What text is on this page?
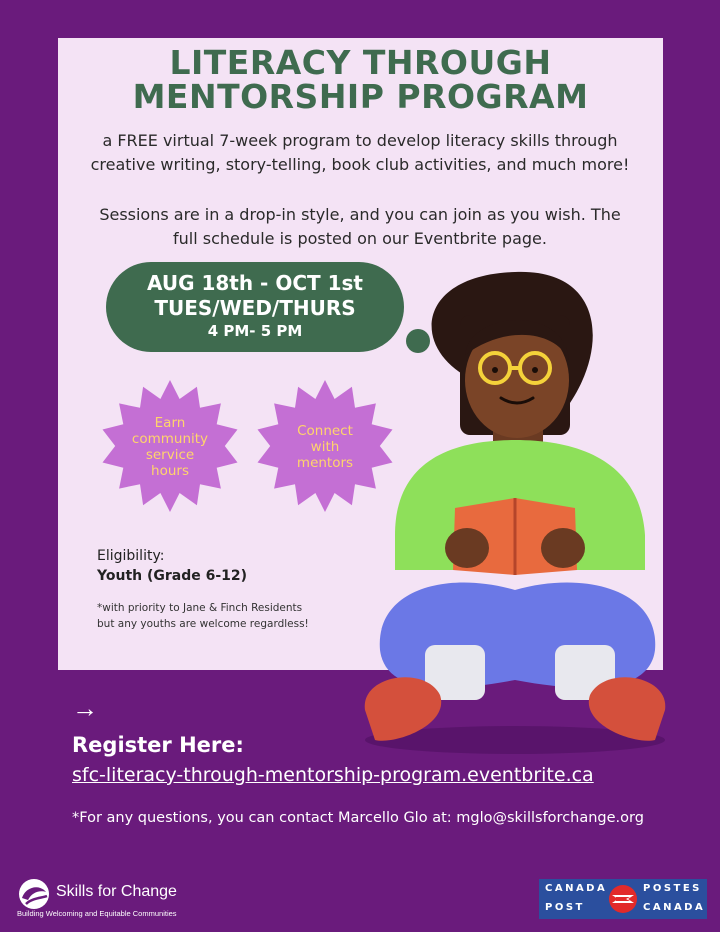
LITERACY THROUGH
MENTORSHIP PROGRAM
a FREE virtual 7-week program to develop literacy skills through
creative writing, story-telling, book club activities, and much more!
Sessions are in a drop-in style, and you can join as you wish. The
full schedule is posted on our Eventbrite page.
AUG 18th - OCT 1st
TUES/WED/THURS
4 PM- 5 PM
Earn
community
service
hours
Connect
with
mentors
Eligibility:
Youth (Grade 6-12)
*with priority to Jane & Finch Residents
but any youths are welcome regardless!
→
Register Here:
sfc-literacy-through-mentorship-program.eventbrite.ca
*For any questions, you can contact Marcello Glo at: mglo@skillsforchange.org
Skills for Change
Building Welcoming and Equitable Communities
CANADA
POST
POSTES
CANADA
